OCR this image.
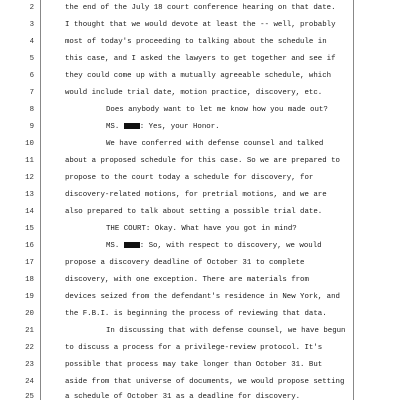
2	the end of the July 18 court conference hearing on that date.
3	I thought that we would devote at least the -- well, probably
4	most of today's proceeding to talking about the schedule in
5	this case, and I asked the lawyers to get together and see if
6	they could come up with a mutually agreeable schedule, which
7	would include trial date, motion practice, discovery, etc.
8	Does anybody want to let me know how you made out?
9	MS.	: Yes, your Honor.
10	We have conferred with defense counsel and talked
11	about a proposed schedule for this case. So we are prepared to
12	propose to the court today a schedule for discovery, for
13	discovery-related motions, for pretrial motions, and we are
14	also prepared to talk about setting a possible trial date.
15	THE COURT: Okay. What have you got in mind?
16	MS.	: So, with respect to discovery, we would
17	propose a discovery deadline of October 31 to complete
18	discovery, with one exception. There are materials from
19	devices seized from the defendant's residence in New York, and
20	the F.B.I. is beginning the process of reviewing that data.
21	In discussing that with defense counsel, we have begun
22	to discuss a process for a privilege-review protocol. It's
23	possible that process may take longer than October 31. But
24	aside from that universe of documents, we would propose setting
25	a schedule of October 31 as a deadline for discovery.
